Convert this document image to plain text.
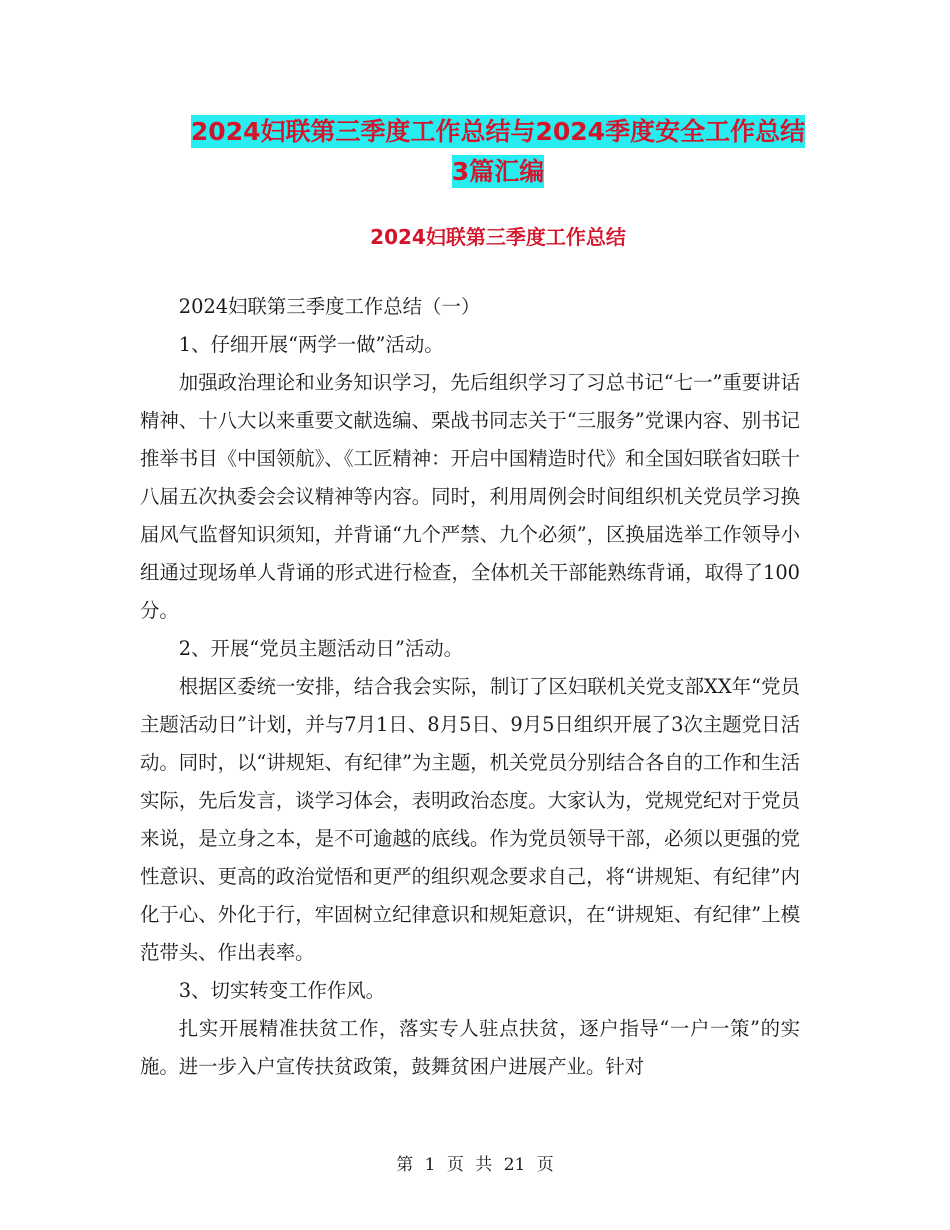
2024妇联第三季度工作总结与2024季度安全工作总结
3篇汇编
2024妇联第三季度工作总结

2024妇联第三季度工作总结（一）

1、仔细开展“两学一做”活动。

加强政治理论和业务知识学习，先后组织学习了习总书记“七一”重要讲话精神、十八大以来重要文献选编、栗战书同志关于“三服务”党课内容、别书记推举书目《中国领航》、《工匠精神：开启中国精造时代》和全国妇联省妇联十八届五次执委会会议精神等内容。同时，利用周例会时间组织机关党员学习换届风气监督知识须知，并背诵“九个严禁、九个必须”，区换届选举工作领导小组通过现场单人背诵的形式进行检查，全体机关干部能熟练背诵，取得了100分。

2、开展“党员主题活动日”活动。

根据区委统一安排，结合我会实际，制订了区妇联机关党支部XX年“党员主题活动日”计划，并与7月1日、8月5日、9月5日组织开展了3次主题党日活动。同时，以“讲规矩、有纪律”为主题，机关党员分别结合各自的工作和生活实际，先后发言，谈学习体会，表明政治态度。大家认为，党规党纪对于党员来说，是立身之本，是不可逾越的底线。作为党员领导干部，必须以更强的党性意识、更高的政治觉悟和更严的组织观念要求自己，将“讲规矩、有纪律”内化于心、外化于行，牢固树立纪律意识和规矩意识，在“讲规矩、有纪律”上模范带头、作出表率。

3、切实转变工作作风。

扎实开展精准扶贫工作，落实专人驻点扶贫，逐户指导“一户一策”的实施。进一步入户宣传扶贫政策，鼓舞贫困户进展产业。针对

第 1 页 共 21 页
